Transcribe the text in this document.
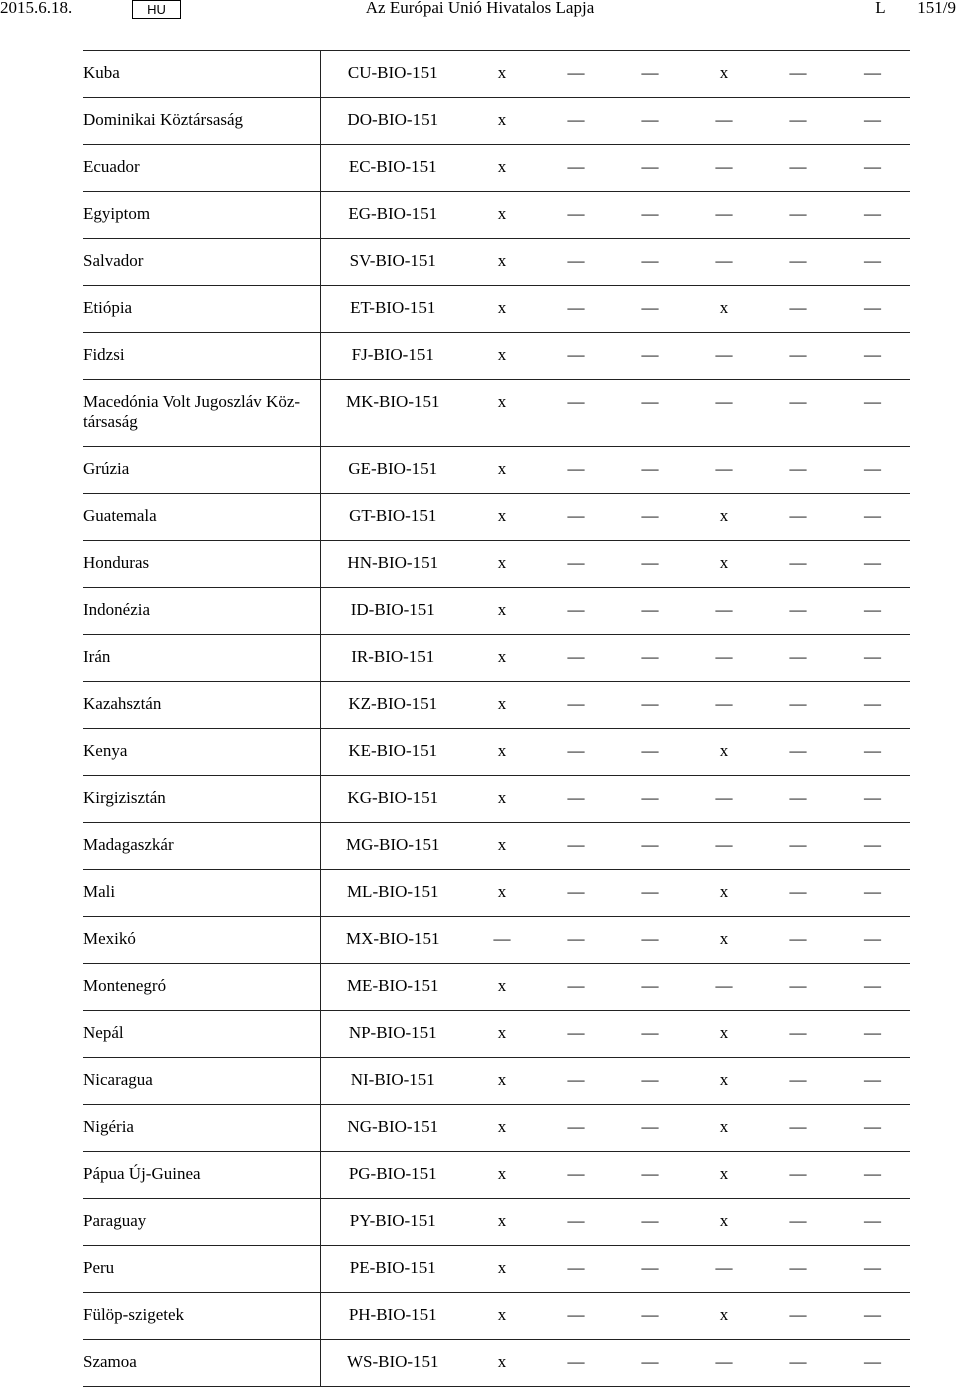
2015.6.18.	HU	Az Európai Unió Hivatalos Lapja	L 151/9
Kuba	CU-BIO-151	x	—	—	x	—	—
Dominikai Köztársaság	DO-BIO-151	x	—	—	—	—	—
Ecuador	EC-BIO-151	x	—	—	—	—	—
Egyiptom	EG-BIO-151	x	—	—	—	—	—
Salvador	SV-BIO-151	x	—	—	—	—	—
Etiópia	ET-BIO-151	x	—	—	x	—	—
Fidzsi	FJ-BIO-151	x	—	—	—	—	—
Macedónia Volt Jugoszláv Köztársaság	MK-BIO-151	x	—	—	—	—	—
Grúzia	GE-BIO-151	x	—	—	—	—	—
Guatemala	GT-BIO-151	x	—	—	x	—	—
Honduras	HN-BIO-151	x	—	—	x	—	—
Indonézia	ID-BIO-151	x	—	—	—	—	—
Irán	IR-BIO-151	x	—	—	—	—	—
Kazahsztán	KZ-BIO-151	x	—	—	—	—	—
Kenya	KE-BIO-151	x	—	—	x	—	—
Kirgizisztán	KG-BIO-151	x	—	—	—	—	—
Madagaszkár	MG-BIO-151	x	—	—	—	—	—
Mali	ML-BIO-151	x	—	—	x	—	—
Mexikó	MX-BIO-151	—	—	—	x	—	—
Montenegró	ME-BIO-151	x	—	—	—	—	—
Nepál	NP-BIO-151	x	—	—	x	—	—
Nicaragua	NI-BIO-151	x	—	—	x	—	—
Nigéria	NG-BIO-151	x	—	—	x	—	—
Pápua Új-Guinea	PG-BIO-151	x	—	—	x	—	—
Paraguay	PY-BIO-151	x	—	—	x	—	—
Peru	PE-BIO-151	x	—	—	—	—	—
Fülöp-szigetek	PH-BIO-151	x	—	—	x	—	—
Szamoa	WS-BIO-151	x	—	—	—	—	—
